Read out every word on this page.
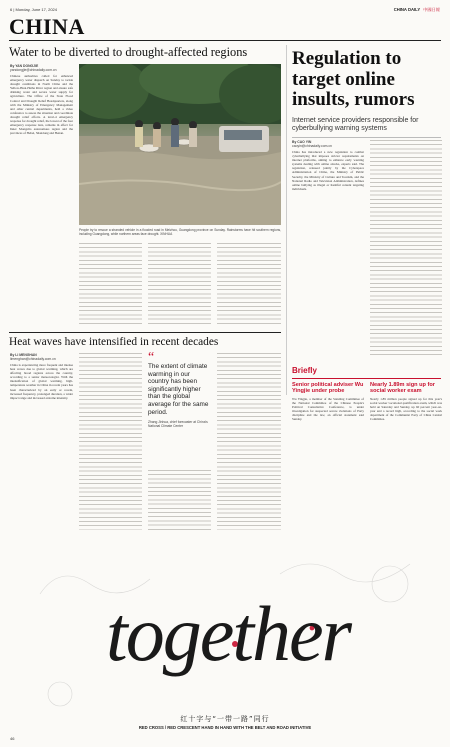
6 | Monday, June 17, 2024	CHINA DAILY 中國日報
CHINA
Water to be diverted to drought-affected regions
By YAN DONGJIE
yandongjie@chinadaily.com.cn
Chinese authorities called for enhanced emergency water dispatch on Sunday to tackle drought conditions in North China and the Yellow-Huai-Haihe River region and ensure safe drinking water and secure water supply for agriculture. The Office of the State Flood Control and Drought Relief Headquarters, along with the Ministry of Emergency Management and other central departments, held a video conference to assess the situation and coordinate drought relief efforts. A level-4 emergency response for drought relief, the lowest of the four emergency response tiers, remains in effect for Inner Mongolia autonomous region and the provinces of Hebei, Shandong and Henan.
People try to rescue a stranded vehicle in a flooded road in Meizhou, Guangdong province on Sunday. Rainstorms have hit southern regions, including Guangdong, while northern areas face drought. XINHUA
Regulation to target online insults, rumors
Internet service providers responsible for cyberbullying warning systems
By CAO YIN
caoyin@chinadaily.com.cn
China has introduced a new regulation to combat cyberbullying that imposes stricter requirements on internet platforms, aiming to enhance early warning systems dealing with online attacks, experts said. The regulation, released jointly by the Cyberspace Administration of China, the Ministry of Public Security, the Ministry of Culture and Tourism, and the National Radio and Television Administration, defines online bullying as illegal or harmful content targeting individuals.
Heat waves have intensified in recent decades
By LI MENGHAN
limenghan@chinadaily.com.cn
China is experiencing more frequent and intense heat waves due to global warming, which are affecting broad regions across the country, according to a senior meteorologist. With the intensification of global warming, high-temperature weather in China in recent years has been characterized by an early or recent, increased frequency, prolonged duration, a wider impact range and increased extreme intensity.
“
The extent of climate warming in our country has been significantly higher than the global average for the same period.
Zhang Jinhua, chief forecaster at China's National Climate Center
Briefly
Senior political adviser Wu Yingjie under probe
Wu Yingjie, a member of the Standing Committee of the National Committee of the Chinese People's Political Consultative Conference, is under investigation for suspected severe violations of Party discipline and the law, an official statement said Sunday.
Nearly 1.89m sign up for social worker exam
Nearly 1.89 million people signed up for this year's social worker vocational qualification exam, which was held on Saturday and Sunday, up 60 percent year-on-year and a record high, according to the social work department of the Communist Party of China Central Committee.
together
红十字与“一带一路”同行
RED CROSS / RED CRESCENT HAND IN HAND WITH THE BELT AND ROAD INITIATIVE
46
